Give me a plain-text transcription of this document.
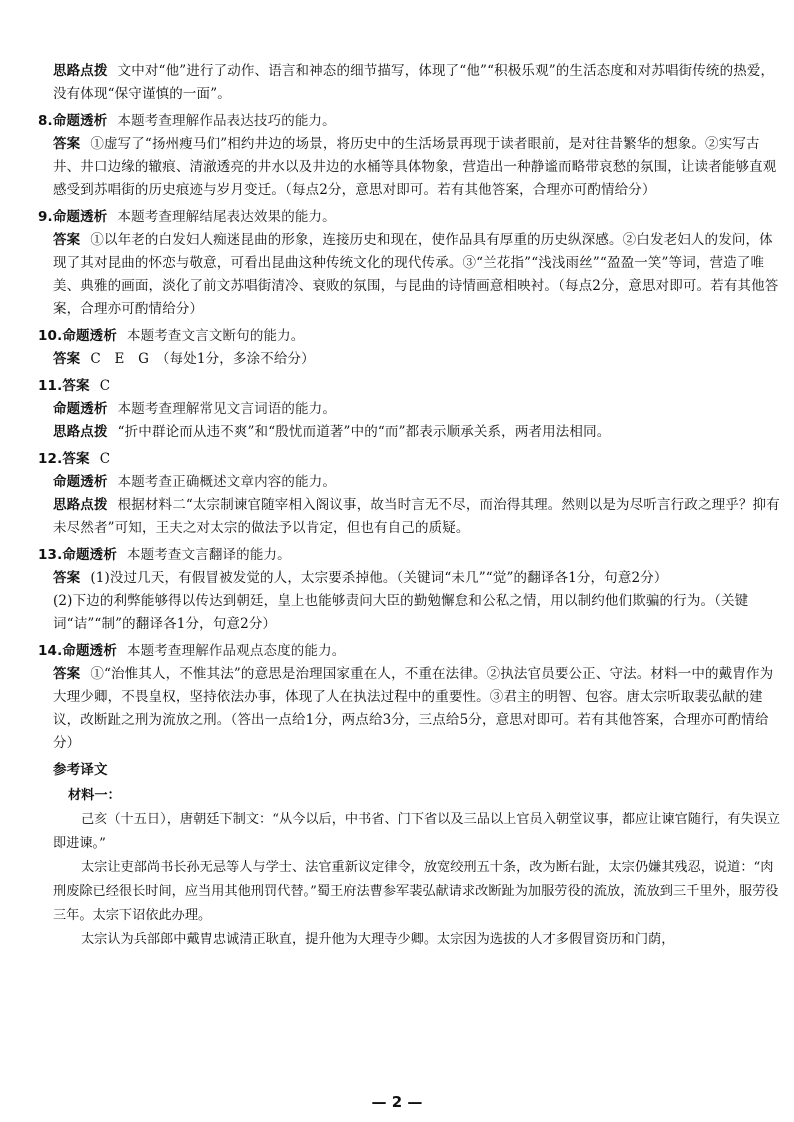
思路点拨 文中对“他”进行了动作、语言和神态的细节描写，体现了“他”“积极乐观”的生活态度和对苏唱街传统的热爱，没有体现“保守谨慎的一面”。
8.命题透析 本题考查理解作品表达技巧的能力。
答案 ①虚写了“扬州瘦马们”相约井边的场景，将历史中的生活场景再现于读者眼前，是对往昔繁华的想象。②实写古井、井口边缘的辙痕、清澈透亮的井水以及井边的水桶等具体物象，营造出一种静谧而略带哀愁的氛围，让读者能够直观感受到苏唱街的历史痕迹与岁月变迁。（每点2分，意思对即可。若有其他答案，合理亦可酌情给分）
9.命题透析 本题考查理解结尾表达效果的能力。
答案 ①以年老的白发妇人痴迷昆曲的形象，连接历史和现在，使作品具有厚重的历史纵深感。②白发老妇人的发问，体现了其对昆曲的怀恋与敬意，可看出昆曲这种传统文化的现代传承。③“兰花指”“浅浅雨丝”“盈盈一笑”等词，营造了唯美、典雅的画面，淡化了前文苏唱街清冷、衰败的氛围，与昆曲的诗情画意相映衬。（每点2分，意思对即可。若有其他答案，合理亦可酌情给分）
10.命题透析 本题考查文言文断句的能力。
答案 C　E　G　（每处1分，多涂不给分）
11.答案 C
命题透析 本题考查理解常见文言词语的能力。
思路点拨 “折中群论而从违不爽”和“殷忧而道著”中的“而”都表示顺承关系，两者用法相同。
12.答案 C
命题透析 本题考查正确概述文章内容的能力。
思路点拨 根据材料二“太宗制谏官随宰相入阁议事，故当时言无不尽，而治得其理。然则以是为尽听言行政之理乎？抑有未尽然者”可知，王夫之对太宗的做法予以肯定，但也有自己的质疑。
13.命题透析 本题考查文言翻译的能力。
答案 (1)没过几天，有假冒被发觉的人，太宗要杀掉他。（关键词“未几”“觉”的翻译各1分，句意2分）
(2)下边的利弊能够得以传达到朝廷，皇上也能够责问大臣的勤勉懈怠和公私之情，用以制约他们欺骗的行为。（关键词“诘”“制”的翻译各1分，句意2分）
14.命题透析 本题考查理解作品观点态度的能力。
答案 ①“治惟其人，不惟其法”的意思是治理国家重在人，不重在法律。②执法官员要公正、守法。材料一中的戴胄作为大理少卿，不畏皇权，坚持依法办事，体现了人在执法过程中的重要性。③君主的明智、包容。唐太宗听取裴弘献的建议，改断趾之刑为流放之刑。（答出一点给1分，两点给3分，三点给5分，意思对即可。若有其他答案，合理亦可酌情给分）
参考译文
材料一：
己亥（十五日），唐朝廷下制文：“从今以后，中书省、门下省以及三品以上官员入朝堂议事，都应让谏官随行，有失误立即进谏。”
太宗让吏部尚书长孙无忌等人与学士、法官重新议定律令，放宽绞刑五十条，改为断右趾，太宗仍嫌其残忍，说道：“肉刑废除已经很长时间，应当用其他刑罚代替。”蜀王府法曹参军裴弘献请求改断趾为加服劳役的流放，流放到三千里外，服劳役三年。太宗下诏依此办理。
太宗认为兵部郎中戴胄忠诚清正耿直，提升他为大理寺少卿。太宗因为选拔的人才多假冒资历和门荫，
— 2 —
